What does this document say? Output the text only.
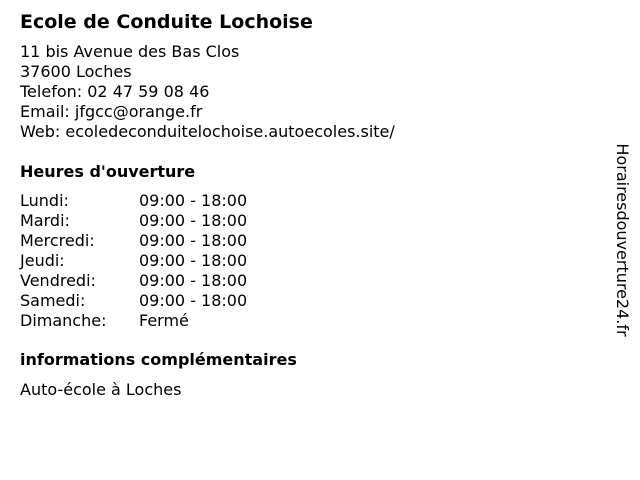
Ecole de Conduite Lochoise
11 bis Avenue des Bas Clos
37600 Loches
Telefon: 02 47 59 08 46
Email: jfgcc@orange.fr
Web: ecoledeconduitelochoise.autoecoles.site/
Heures d'ouverture
Lundi:	09:00 - 18:00
Mardi:	09:00 - 18:00
Mercredi:	09:00 - 18:00
Jeudi:	09:00 - 18:00
Vendredi:	09:00 - 18:00
Samedi:	09:00 - 18:00
Dimanche:	Fermé
informations complémentaires
Auto-école à Loches
Horairesdouverture24.fr
